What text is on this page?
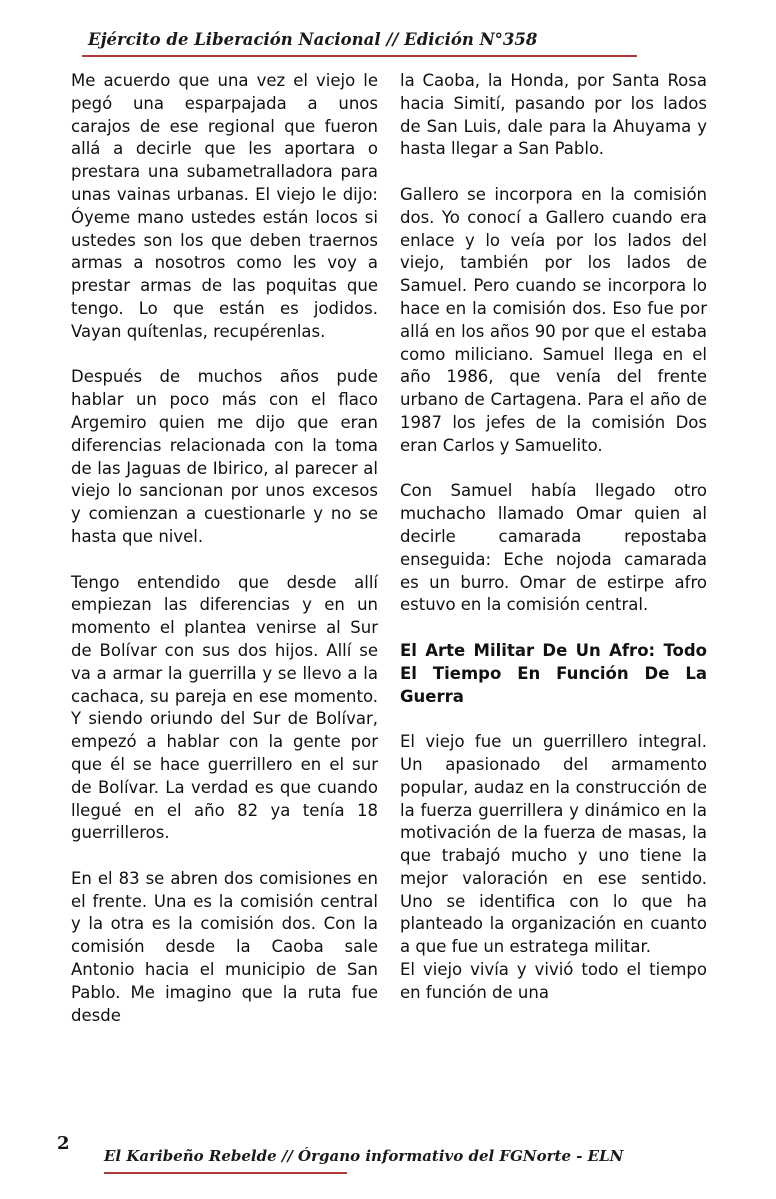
Ejército de Liberación Nacional // Edición N°358

Me acuerdo que una vez el viejo le pegó una esparpajada a unos carajos de ese regional que fueron allá a decirle que les aportara o prestara una subametralladora para unas vainas urbanas. El viejo le dijo: Óyeme mano ustedes están locos si ustedes son los que deben traernos armas a nosotros como les voy a prestar armas de las poquitas que tengo. Lo que están es jodidos. Vayan quítenlas, recupérenlas.

Después de muchos años pude hablar un poco más con el flaco Argemiro quien me dijo que eran diferencias relacionada con la toma de las Jaguas de Ibirico, al parecer al viejo lo sancionan por unos excesos y comienzan a cuestionarle y no se hasta que nivel.

Tengo entendido que desde allí empiezan las diferencias y en un momento el plantea venirse al Sur de Bolívar con sus dos hijos. Allí se va a armar la guerrilla y se llevo a la cachaca, su pareja en ese momento. Y siendo oriundo del Sur de Bolívar, empezó a hablar con la gente por que él se hace guerrillero en el sur de Bolívar. La verdad es que cuando llegué en el año 82 ya tenía 18 guerrilleros.

En el 83 se abren dos comisiones en el frente. Una es la comisión central y la otra es la comisión dos. Con la comisión desde la Caoba sale Antonio hacia el municipio de San Pablo. Me imagino que la ruta fue desde

la Caoba, la Honda, por Santa Rosa hacia Simití, pasando por los lados de San Luis, dale para la Ahuyama y hasta llegar a San Pablo.

Gallero se incorpora en la comisión dos. Yo conocí a Gallero cuando era enlace y lo veía por los lados del viejo, también por los lados de Samuel. Pero cuando se incorpora lo hace en la comisión dos. Eso fue por allá en los años 90 por que el estaba como miliciano. Samuel llega en el año 1986, que venía del frente urbano de Cartagena. Para el año de 1987 los jefes de la comisión Dos eran Carlos y Samuelito.

Con Samuel había llegado otro muchacho llamado Omar quien al decirle camarada repostaba enseguida: Eche nojoda camarada es un burro. Omar de estirpe afro estuvo en la comisión central.

El Arte Militar De Un Afro: Todo El Tiempo En Función De La Guerra

El viejo fue un guerrillero integral. Un apasionado del armamento popular, audaz en la construcción de la fuerza guerrillera y dinámico en la motivación de la fuerza de masas, la que trabajó mucho y uno tiene la mejor valoración en ese sentido. Uno se identifica con lo que ha planteado la organización en cuanto a que fue un estratega militar.

El viejo vivía y vivió todo el tiempo en función de una

2
El Karibeño Rebelde // Órgano informativo del FGNorte - ELN
